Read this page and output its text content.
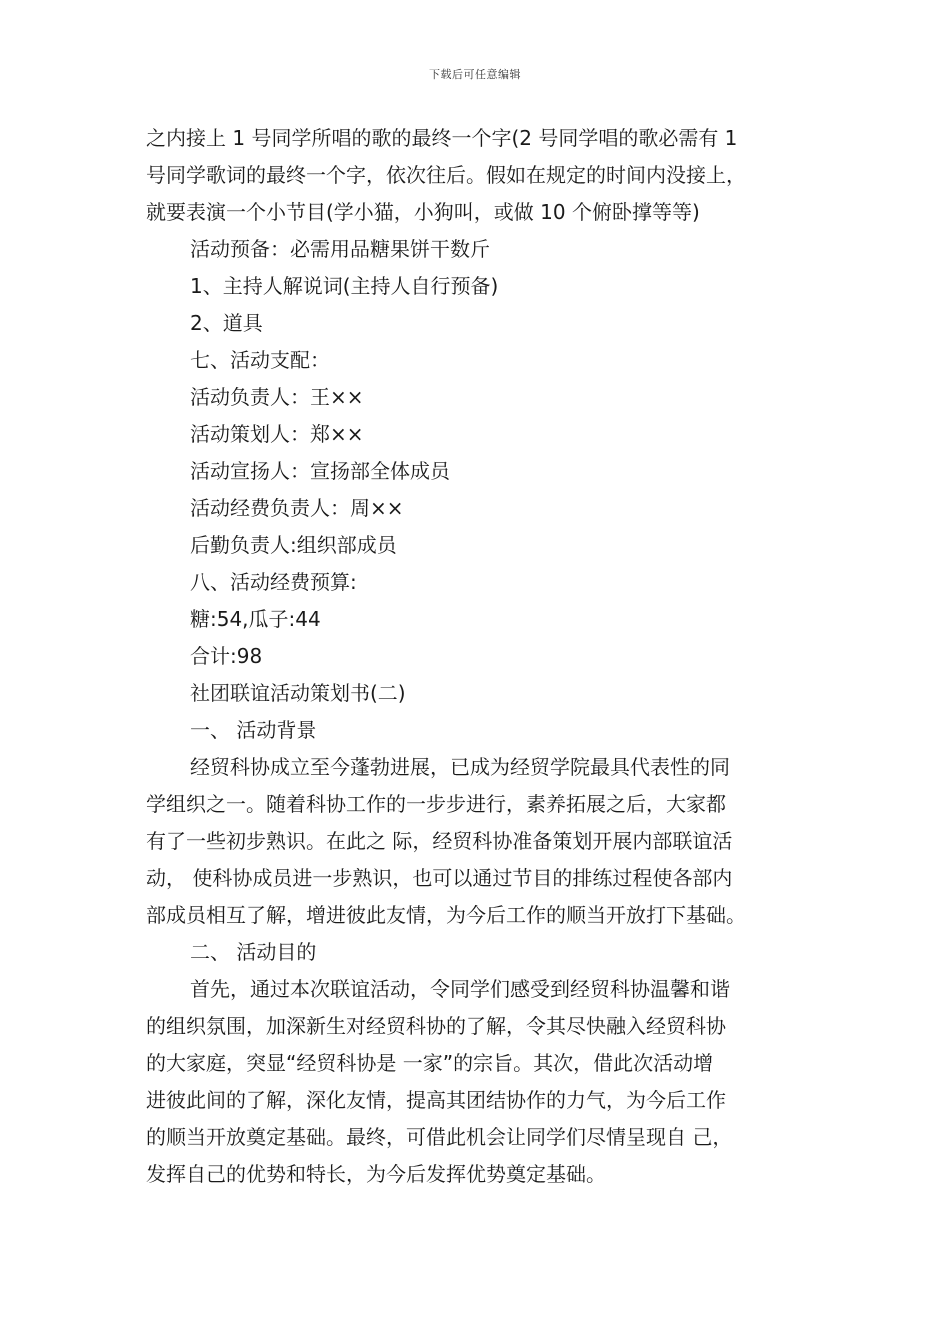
下载后可任意编辑
之内接上 1 号同学所唱的歌的最终一个字(2 号同学唱的歌必需有 1
号同学歌词的最终一个字，依次往后。假如在规定的时间内没接上，
就要表演一个小节目(学小猫，小狗叫，或做 10 个俯卧撑等等)
活动预备：必需用品糖果饼干数斤
1、主持人解说词(主持人自行预备)
2、道具
七、活动支配：
活动负责人：王××
活动策划人：郑××
活动宣扬人：宣扬部全体成员
活动经费负责人：周××
后勤负责人:组织部成员
八、活动经费预算:
糖:54,瓜子:44
合计:98
社团联谊活动策划书(二)
一、 活动背景
经贸科协成立至今蓬勃进展，已成为经贸学院最具代表性的同
学组织之一。随着科协工作的一步步进行，素养拓展之后，大家都
有了一些初步熟识。在此之 际，经贸科协准备策划开展内部联谊活
动， 使科协成员进一步熟识，也可以通过节目的排练过程使各部内
部成员相互了解，增进彼此友情，为今后工作的顺当开放打下基础。
二、 活动目的
首先，通过本次联谊活动，令同学们感受到经贸科协温馨和谐
的组织氛围，加深新生对经贸科协的了解，令其尽快融入经贸科协
的大家庭，突显“经贸科协是 一家”的宗旨。其次，借此次活动增
进彼此间的了解，深化友情，提高其团结协作的力气，为今后工作
的顺当开放奠定基础。最终，可借此机会让同学们尽情呈现自 己，
发挥自己的优势和特长，为今后发挥优势奠定基础。
